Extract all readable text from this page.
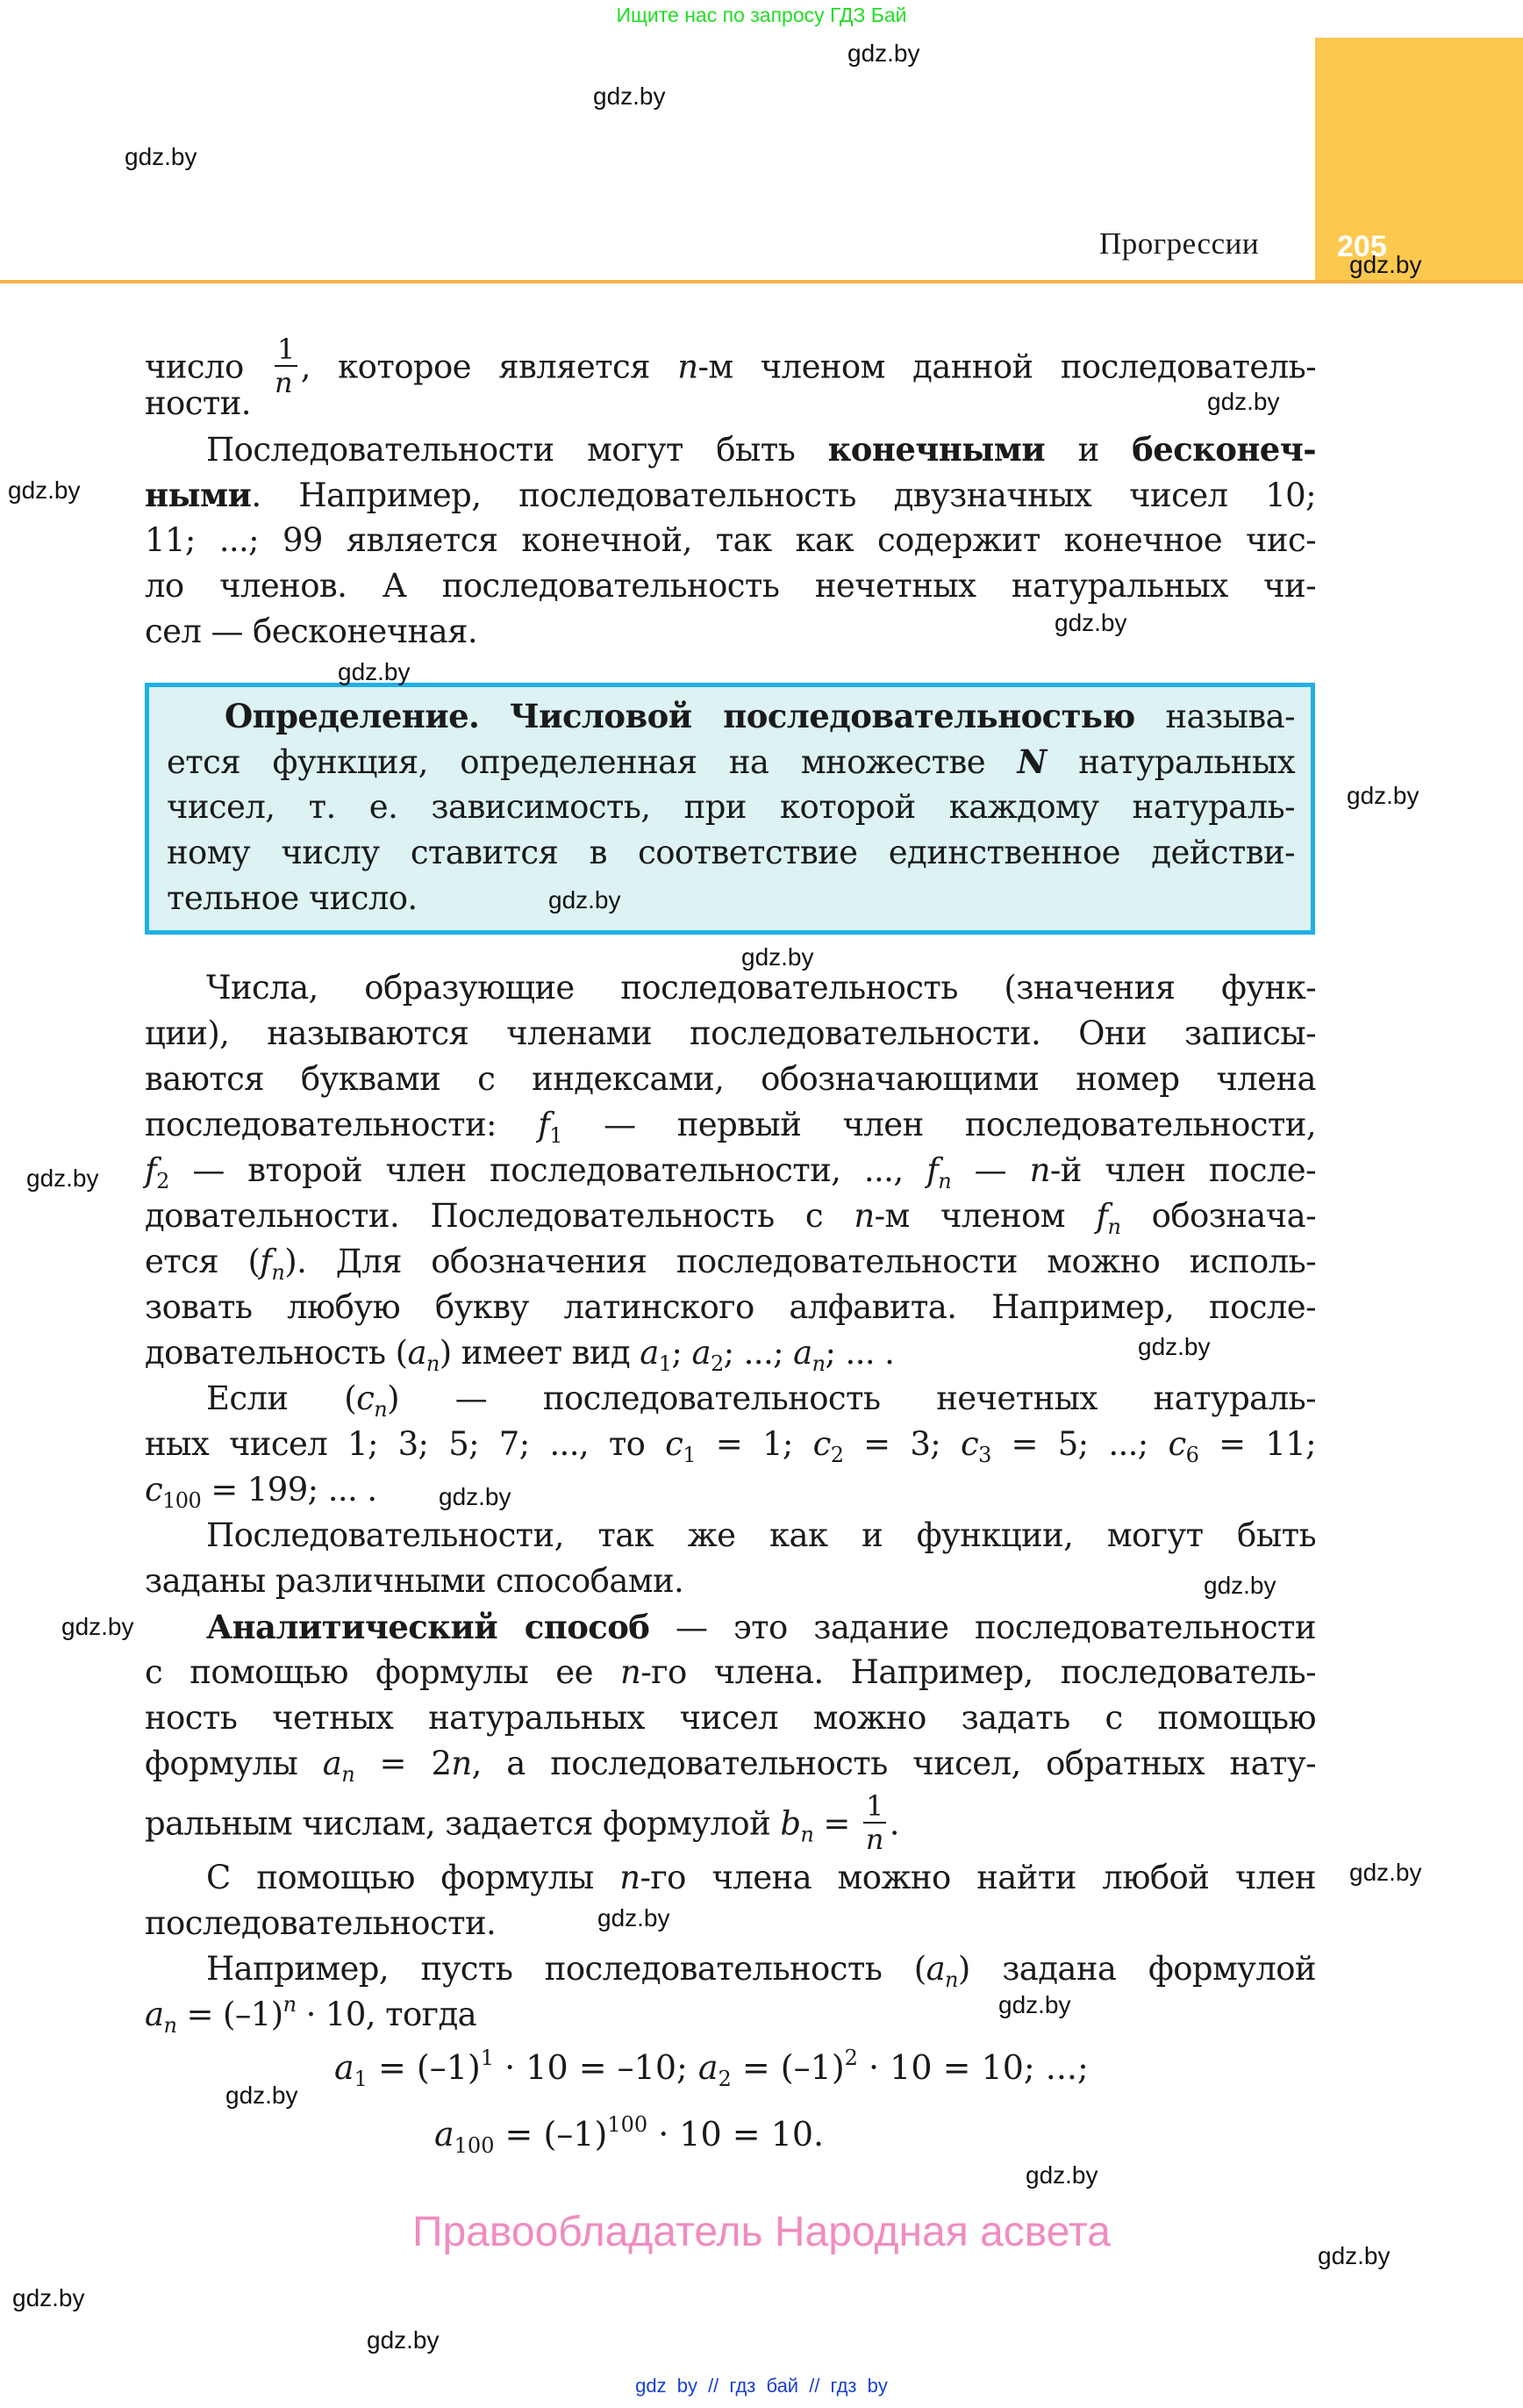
Ищите нас по запросу ГДЗ Бай
205
Прогрессии
число $\frac{1}{n}$ , которое является n-м членом данной последователь-
ности.
Последовательности могут быть конечными и бесконеч-
ными. Например, последовательность двузначных чисел 10;
11; ...; 99 является конечной, так как содержит конечное чис-
ло членов. А последовательность нечетных натуральных чи-
сел — бесконечная.
Определение. Числовой последовательностью называ-
ется функция, определенная на множестве N натуральных
чисел, т. е. зависимость, при которой каждому натураль-
ному числу ставится в соответствие единственное действи-
тельное число.
Числа, образующие последовательность (значения функ-
ции), называются членами последовательности. Они записы-
ваются буквами с индексами, обозначающими номер члена
последовательности: $f_1$ — первый член последовательности,
$f_2$ — второй член последовательности, ..., $f_n$ — n-й член после-
довательности. Последовательность с n-м членом $f_n$ обознача-
ется $(f_n)$. Для обозначения последовательности можно исполь-
зовать любую букву латинского алфавита. Например, после-
довательность $(a_n)$ имеет вид $a_1$; $a_2$; ...; $a_n$; ... .
Если $(c_n)$ — последовательность нечетных натураль-
ных чисел 1; 3; 5; 7; ..., то $c_1 = 1$; $c_2 = 3$; $c_3 = 5$; ...; $c_6 = 11$;
$c_{100} = 199$; ... .
Последовательности, так же как и функции, могут быть
заданы различными способами.
Аналитический способ — это задание последовательности
с помощью формулы ее n-го члена. Например, последователь-
ность четных натуральных чисел можно задать с помощью
формулы $a_n = 2n$, а последовательность чисел, обратных нату-
ральным числам, задается формулой $b_n = \frac{1}{n}$ .
С помощью формулы n-го члена можно найти любой член
последовательности.
Например, пусть последовательность $(a_n)$ задана формулой
$a_n = (-1)^n \cdot 10$, тогда
$a_1 = (-1)^1 \cdot 10 = -10$; $a_2 = (-1)^2 \cdot 10 = 10$; ...;
$a_{100} = (-1)^{100} \cdot 10 = 10$.
gdz.by
gdz.by
gdz.by
gdz.by
gdz.by
gdz.by
gdz.by
gdz.by
gdz.by
gdz.by
gdz.by
gdz.by
gdz.by
gdz.by
gdz.by
gdz.by
gdz.by
gdz.by
gdz.by
gdz.by
gdz.by
gdz.by
gdz.by
gdz.by
Правообладатель Народная асвета
gdz by // гдз бай // гдз by
